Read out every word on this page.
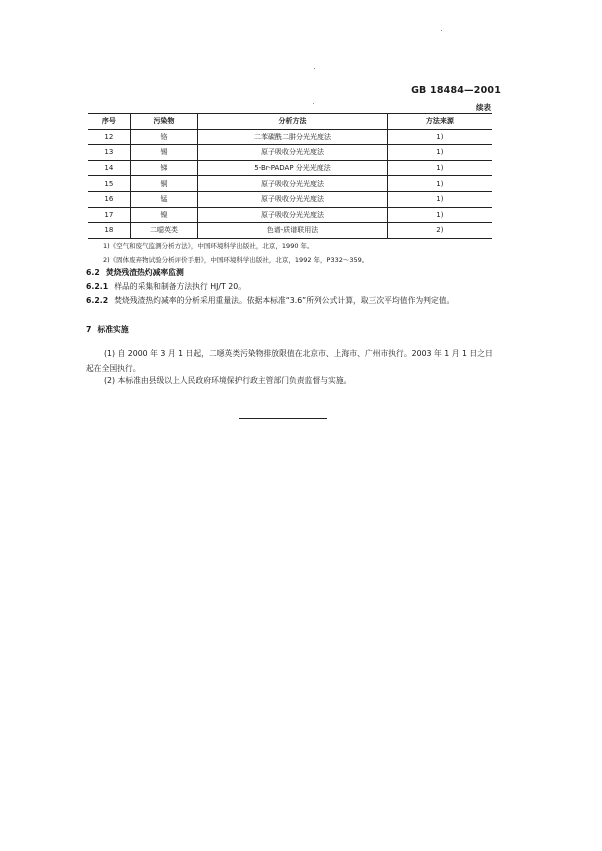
GB 18484—2001
续表
序号	污染物	分析方法	方法来源
12	铬	二苯碳酰二肼分光光度法	1)
13	锡	原子吸收分光光度法	1)
14	锑	5-Br-PADAP 分光光度法	1)
15	铜	原子吸收分光光度法	1)
16	锰	原子吸收分光光度法	1)
17	镍	原子吸收分光光度法	1)
18	二噁英类	色谱-质谱联用法	2)
1)《空气和废气监测分析方法》，中国环境科学出版社，北京，1990 年。
2)《固体废弃物试验分析评价手册》，中国环境科学出版社，北京，1992 年，P332～359。
6.2 焚烧残渣热灼减率监测
6.2.1 样品的采集和制备方法执行 HJ/T 20。
6.2.2 焚烧残渣热灼减率的分析采用重量法。依据本标准“3.6”所列公式计算，取三次平均值作为判定值。
7 标准实施
(1) 自 2000 年 3 月 1 日起，二噁英类污染物排放限值在北京市、上海市、广州市执行。2003 年 1 月 1 日之日起在全国执行。
(2) 本标准由县级以上人民政府环境保护行政主管部门负责监督与实施。
